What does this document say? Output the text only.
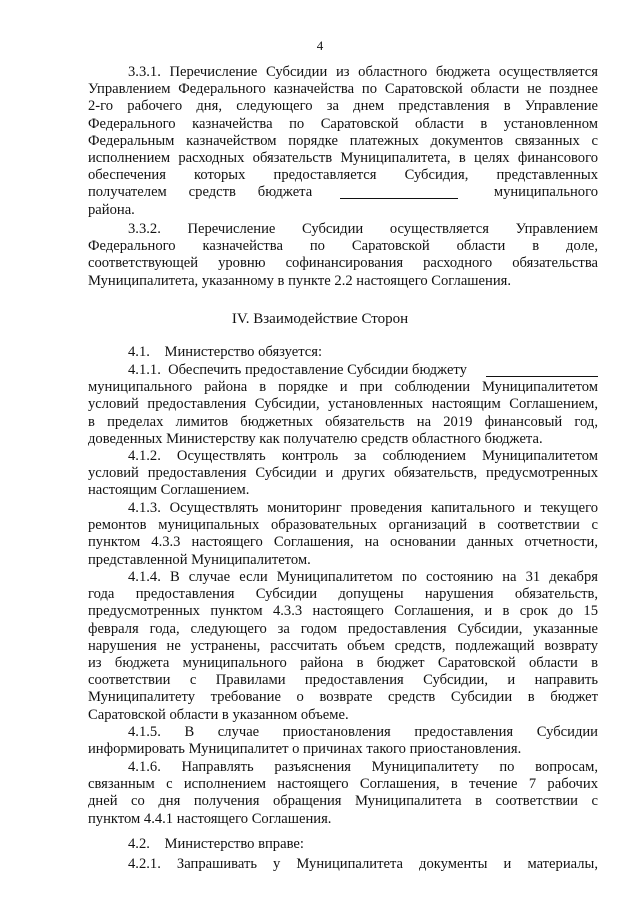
4
3.3.1. Перечисление Субсидии из областного бюджета осуществляется
Управлением Федерального казначейства по Саратовской области не позднее
2-го рабочего дня, следующего за днем представления в Управление
Федерального казначейства по Саратовской области в установленном
Федеральным казначейством порядке платежных документов связанных с
исполнением расходных обязательств Муниципалитета, в целях финансового
обеспечения которых предоставляется Субсидия, представленных
получателем      средств      бюджета	муниципального
района.
3.3.2. Перечисление Субсидии осуществляется Управлением
Федерального казначейства по Саратовской области в доле,
соответствующей уровню софинансирования расходного обязательства
Муниципалитета, указанному в пункте 2.2 настоящего Соглашения.
IV. Взаимодействие Сторон
4.1.    Министерство обязуется:
4.1.1.  Обеспечить предоставление Субсидии бюджету
муниципального района в порядке и при соблюдении Муниципалитетом
условий предоставления Субсидии, установленных настоящим Соглашением,
в пределах лимитов бюджетных обязательств на 2019 финансовый год,
доведенных Министерству как получателю средств областного бюджета.
4.1.2. Осуществлять контроль за соблюдением Муниципалитетом
условий предоставления Субсидии и других обязательств, предусмотренных
настоящим Соглашением.
4.1.3. Осуществлять мониторинг проведения капитального и текущего
ремонтов муниципальных образовательных организаций в соответствии с
пунктом 4.3.3 настоящего Соглашения, на основании данных отчетности,
представленной Муниципалитетом.
4.1.4. В случае если Муниципалитетом по состоянию на 31 декабря
года предоставления Субсидии допущены нарушения обязательств,
предусмотренных пунктом 4.3.3 настоящего Соглашения, и в срок до 15
февраля года, следующего за годом предоставления Субсидии, указанные
нарушения не устранены, рассчитать объем средств, подлежащий возврату
из бюджета муниципального района в бюджет Саратовской области в
соответствии с Правилами предоставления Субсидии, и направить
Муниципалитету требование о возврате средств Субсидии в бюджет
Саратовской области в указанном объеме.
4.1.5. В случае приостановления предоставления Субсидии
информировать Муниципалитет о причинах такого приостановления.
4.1.6. Направлять разъяснения Муниципалитету по вопросам,
связанным с исполнением настоящего Соглашения, в течение 7 рабочих
дней со дня получения обращения Муниципалитета в соответствии с
пунктом 4.4.1 настоящего Соглашения.
4.2.    Министерство вправе:
4.2.1. Запрашивать у Муниципалитета документы и материалы,
